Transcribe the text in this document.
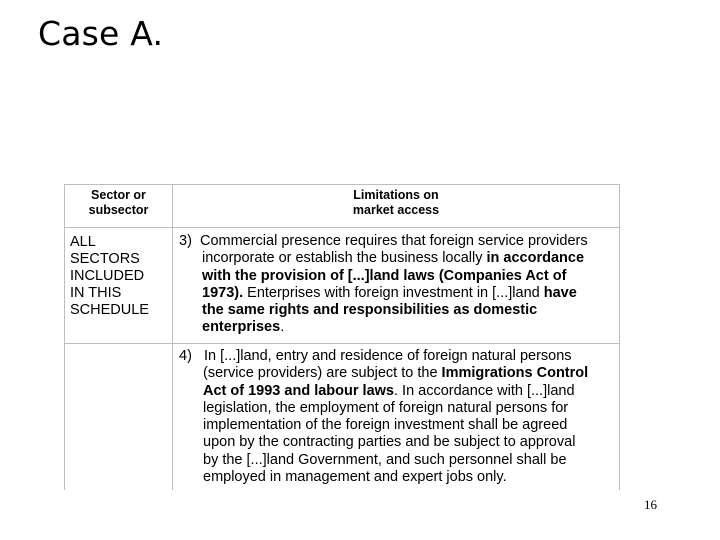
Case A.
Sector or
subsector
Limitations on
market access
ALL
SECTORS
INCLUDED
IN THIS
SCHEDULE
3) Commercial presence requires that foreign service providers
incorporate or establish the business locally in accordance
with the provision of [...]land laws (Companies Act of
1973). Enterprises with foreign investment in [...]land have
the same rights and responsibilities as domestic
enterprises.
4) In [...]land, entry and residence of foreign natural persons
(service providers) are subject to the Immigrations Control
Act of 1993 and labour laws. In accordance with [...]land
legislation, the employment of foreign natural persons for
implementation of the foreign investment shall be agreed
upon by the contracting parties and be subject to approval
by the [...]land Government, and such personnel shall be
employed in management and expert jobs only.
16
